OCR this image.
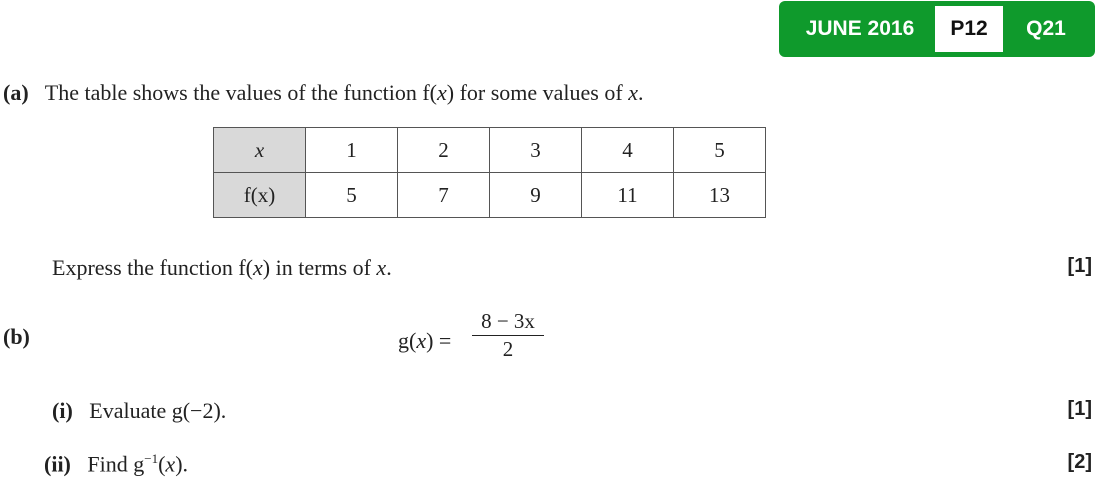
JUNE 2016	P12	Q21
(a) The table shows the values of the function f(x) for some values of x.
x	1	2	3	4	5
f(x)	5	7	9	11	13
Express the function f(x) in terms of x.	[1]
(b)	$g(x) = \frac{8 - 3x}{2}$
(i) Evaluate g(−2).	[1]
(ii) Find $g^{-1}(x)$.	[2]
